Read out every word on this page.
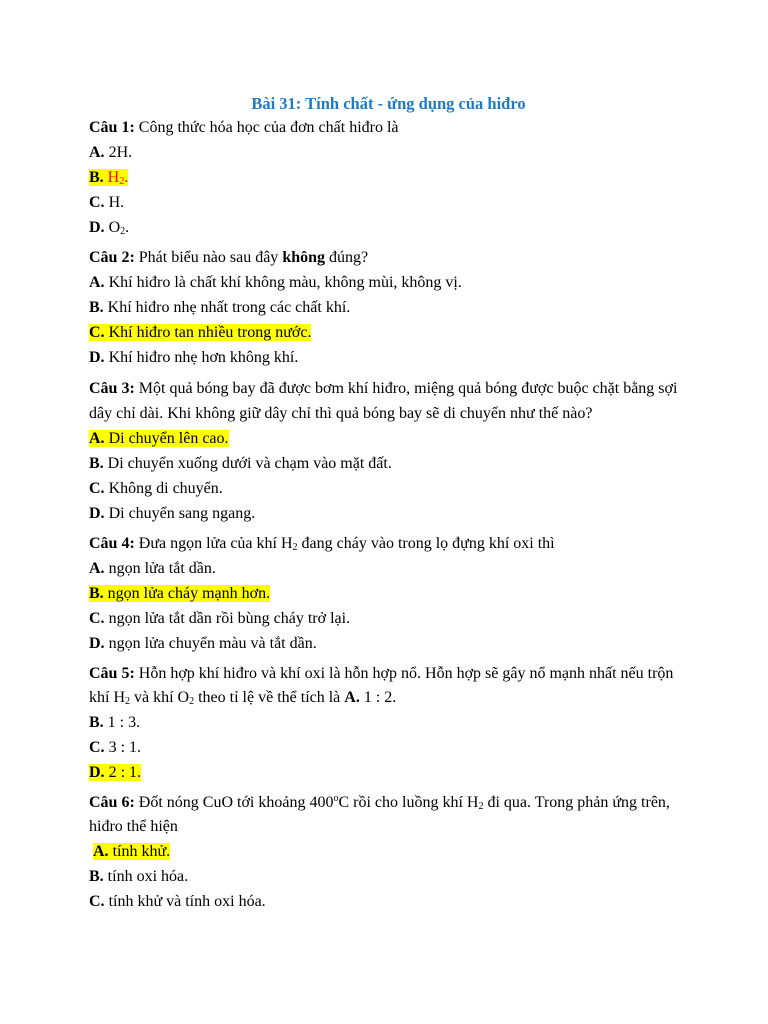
Bài 31: Tính chất - ứng dụng của hiđro

Câu 1: Công thức hóa học của đơn chất hiđro là

A. 2H.

B. $H_2$.

C. H.

D. $O_2$.

Câu 2: Phát biểu nào sau đây không đúng?

A. Khí hiđro là chất khí không màu, không mùi, không vị.

B. Khí hiđro nhẹ nhất trong các chất khí.

C. Khí hiđro tan nhiều trong nước.

D. Khí hiđro nhẹ hơn không khí.

Câu 3: Một quả bóng bay đã được bơm khí hiđro, miệng quả bóng được buộc chặt bằng sợi dây chỉ dài. Khi không giữ dây chỉ thì quả bóng bay sẽ di chuyển như thế nào?

A. Di chuyển lên cao.

B. Di chuyển xuống dưới và chạm vào mặt đất.

C. Không di chuyển.

D. Di chuyển sang ngang.

Câu 4: Đưa ngọn lửa của khí $H_2$ đang cháy vào trong lọ đựng khí oxi thì

A. ngọn lửa tắt dần.

B. ngọn lửa cháy mạnh hơn.

C. ngọn lửa tắt dần rồi bùng cháy trở lại.

D. ngọn lửa chuyển màu và tắt dần.

Câu 5: Hỗn hợp khí hiđro và khí oxi là hỗn hợp nổ. Hỗn hợp sẽ gây nổ mạnh nhất nếu trộn khí $H_2$ và khí $O_2$ theo tỉ lệ về thể tích là A. 1 : 2.

B. 1 : 3.

C. 3 : 1.

D. 2 : 1.

Câu 6: Đốt nóng CuO tới khoảng 400$^o$C rồi cho luồng khí $H_2$ đi qua. Trong phản ứng trên, hiđro thể hiện

A. tính khử.

B. tính oxi hóa.

C. tính khử và tính oxi hóa.
